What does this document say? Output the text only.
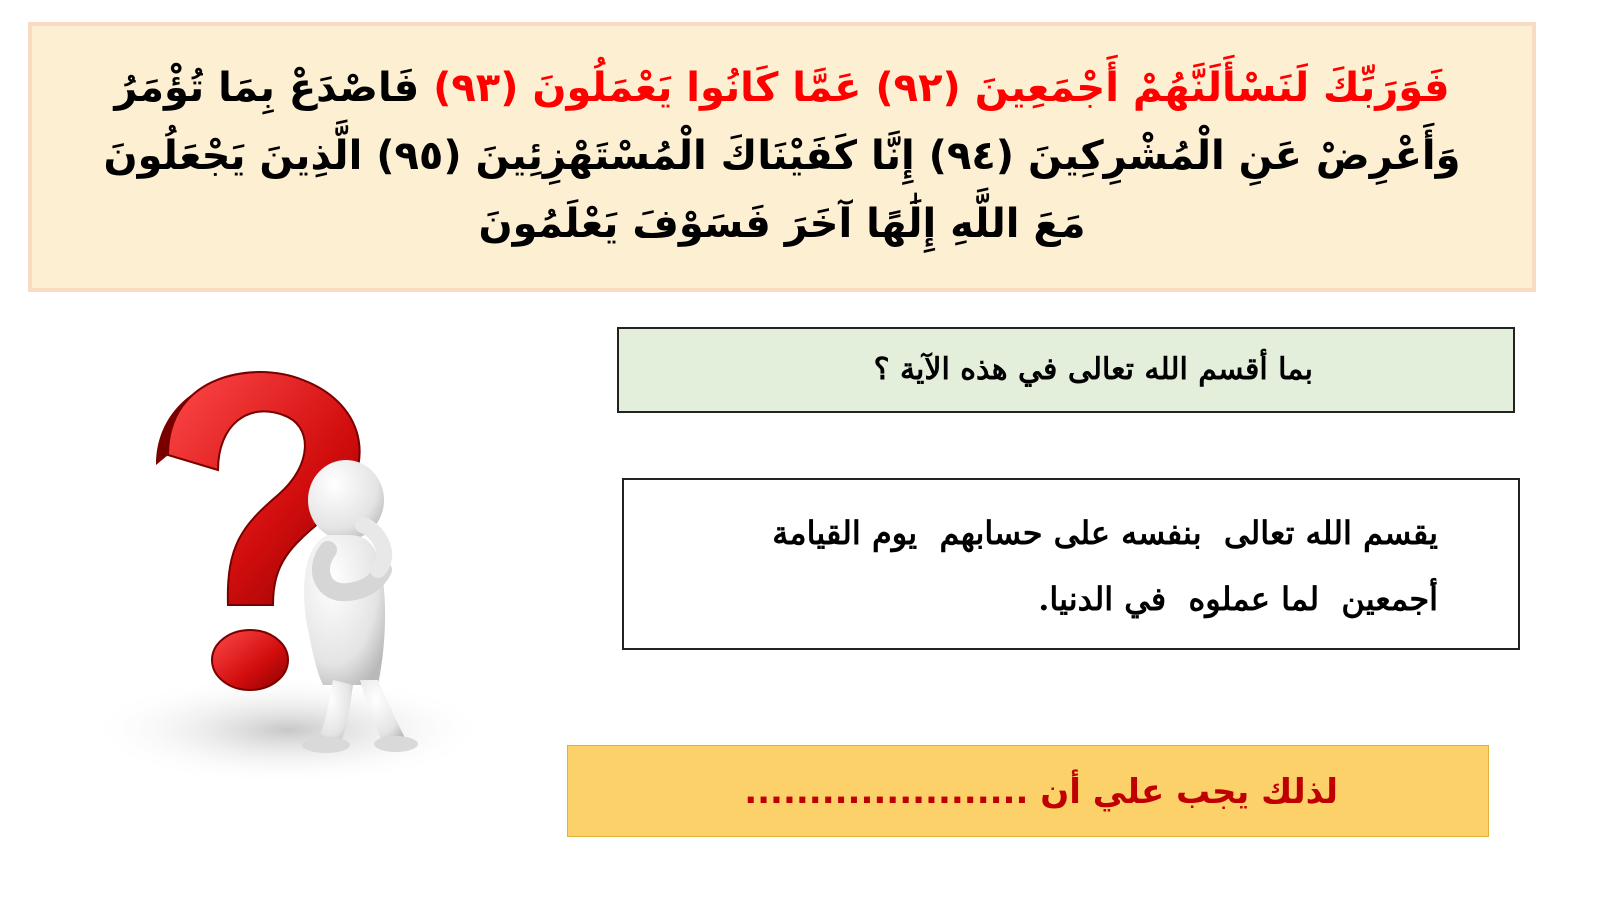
فَوَرَبِّكَ لَنَسْأَلَنَّهُمْ أَجْمَعِينَ (٩٢) عَمَّا كَانُوا يَعْمَلُونَ (٩٣) فَاصْدَعْ بِمَا تُؤْمَرُ وَأَعْرِضْ عَنِ الْمُشْرِكِينَ (٩٤) إِنَّا كَفَيْنَاكَ الْمُسْتَهْزِئِينَ (٩٥) الَّذِينَ يَجْعَلُونَ مَعَ اللَّهِ إِلَٰهًا آخَرَ فَسَوْفَ يَعْلَمُونَ

بما أقسم الله تعالى في هذه الآية ؟
يقسم الله تعالى  بنفسه على حسابهم  يوم القيامة
أجمعين  لما عملوه  في الدنيا.
لذلك يجب علي أن ......................
